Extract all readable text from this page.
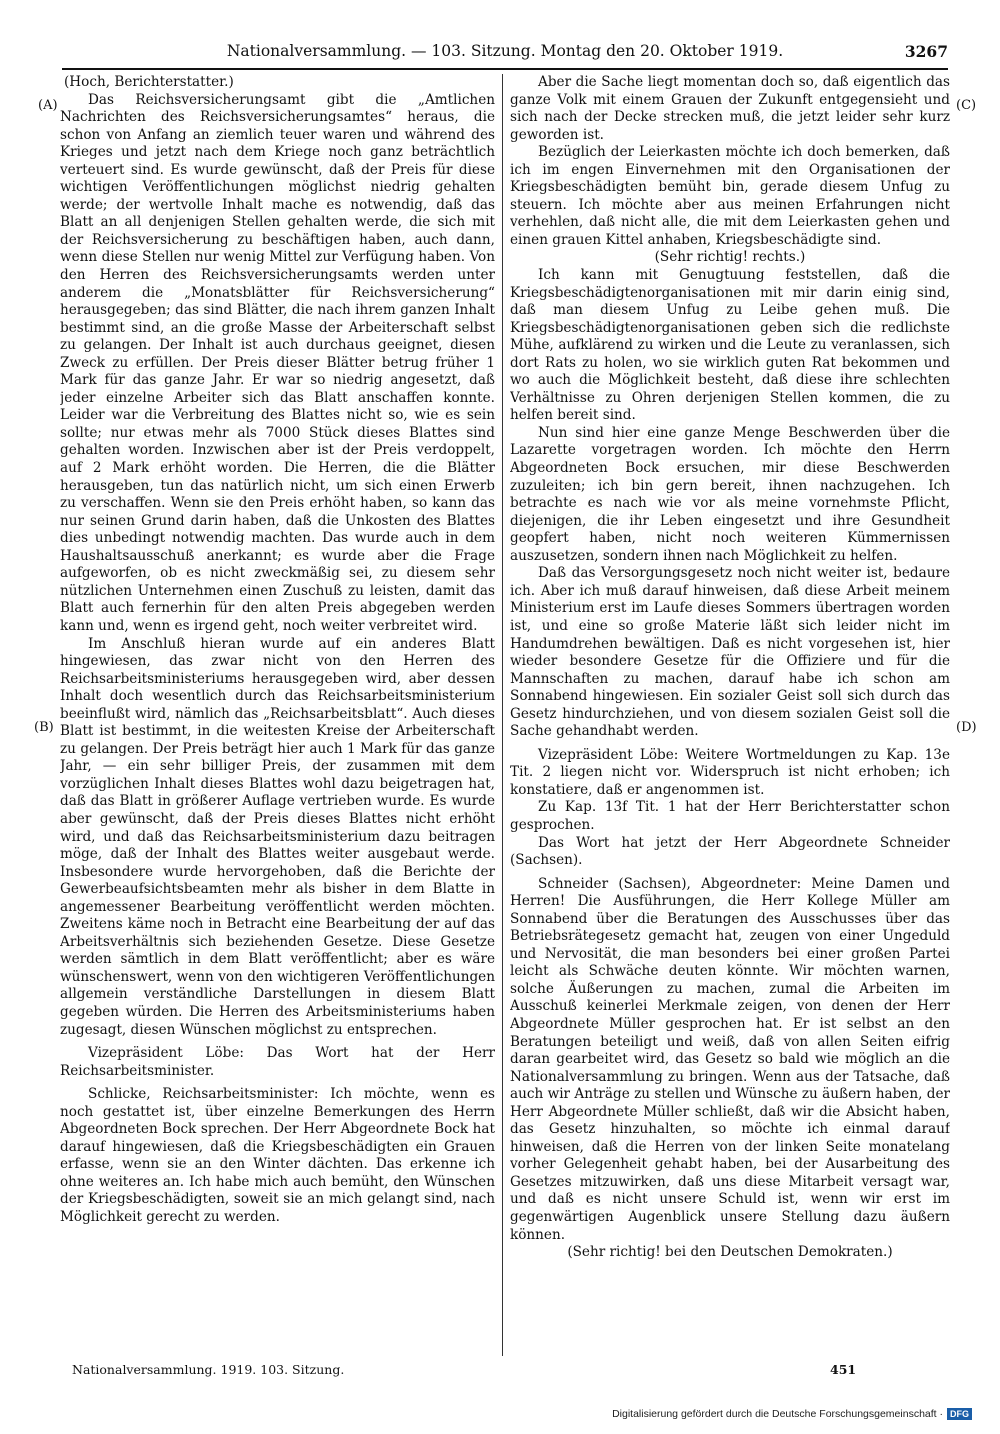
Nationalversammlung. — 103. Sitzung. Montag den 20. Oktober 1919.	3267
(A)
(B)
(C)
(D)

(Hoch, Berichterstatter.)

Das Reichsversicherungsamt gibt die „Amtlichen Nachrichten des Reichsversicherungsamtes“ heraus, die schon von Anfang an ziemlich teuer waren und während des Krieges und jetzt nach dem Kriege noch ganz beträchtlich verteuert sind. Es wurde gewünscht, daß der Preis für diese wichtigen Veröffentlichungen möglichst niedrig gehalten werde; der wertvolle Inhalt mache es notwendig, daß das Blatt an all denjenigen Stellen gehalten werde, die sich mit der Reichsversicherung zu beschäftigen haben, auch dann, wenn diese Stellen nur wenig Mittel zur Verfügung haben. Von den Herren des Reichsversicherungsamts werden unter anderem die „Monatsblätter für Reichsversicherung“ herausgegeben; das sind Blätter, die nach ihrem ganzen Inhalt bestimmt sind, an die große Masse der Arbeiterschaft selbst zu gelangen. Der Inhalt ist auch durchaus geeignet, diesen Zweck zu erfüllen. Der Preis dieser Blätter betrug früher 1 Mark für das ganze Jahr. Er war so niedrig angesetzt, daß jeder einzelne Arbeiter sich das Blatt anschaffen konnte. Leider war die Verbreitung des Blattes nicht so, wie es sein sollte; nur etwas mehr als 7000 Stück dieses Blattes sind gehalten worden. Inzwischen aber ist der Preis verdoppelt, auf 2 Mark erhöht worden. Die Herren, die die Blätter herausgeben, tun das natürlich nicht, um sich einen Erwerb zu verschaffen. Wenn sie den Preis erhöht haben, so kann das nur seinen Grund darin haben, daß die Unkosten des Blattes dies unbedingt notwendig machten. Das wurde auch in dem Haushaltsausschuß anerkannt; es wurde aber die Frage aufgeworfen, ob es nicht zweckmäßig sei, zu diesem sehr nützlichen Unternehmen einen Zuschuß zu leisten, damit das Blatt auch fernerhin für den alten Preis abgegeben werden kann und, wenn es irgend geht, noch weiter verbreitet wird.

Im Anschluß hieran wurde auf ein anderes Blatt hingewiesen, das zwar nicht von den Herren des Reichsarbeitsministeriums herausgegeben wird, aber dessen Inhalt doch wesentlich durch das Reichsarbeitsministerium beeinflußt wird, nämlich das „Reichsarbeitsblatt“. Auch dieses Blatt ist bestimmt, in die weitesten Kreise der Arbeiterschaft zu gelangen. Der Preis beträgt hier auch 1 Mark für das ganze Jahr, — ein sehr billiger Preis, der zusammen mit dem vorzüglichen Inhalt dieses Blattes wohl dazu beigetragen hat, daß das Blatt in größerer Auflage vertrieben wurde. Es wurde aber gewünscht, daß der Preis dieses Blattes nicht erhöht wird, und daß das Reichsarbeitsministerium dazu beitragen möge, daß der Inhalt des Blattes weiter ausgebaut werde. Insbesondere wurde hervorgehoben, daß die Berichte der Gewerbeaufsichtsbeamten mehr als bisher in dem Blatte in angemessener Bearbeitung veröffentlicht werden möchten. Zweitens käme noch in Betracht eine Bearbeitung der auf das Arbeitsverhältnis sich beziehenden Gesetze. Diese Gesetze werden sämtlich in dem Blatt veröffentlicht; aber es wäre wünschenswert, wenn von den wichtigeren Veröffentlichungen allgemein verständliche Darstellungen in diesem Blatt gegeben würden. Die Herren des Arbeitsministeriums haben zugesagt, diesen Wünschen möglichst zu entsprechen.

Vizepräsident Löbe: Das Wort hat der Herr Reichsarbeitsminister.

Schlicke, Reichsarbeitsminister: Ich möchte, wenn es noch gestattet ist, über einzelne Bemerkungen des Herrn Abgeordneten Bock sprechen. Der Herr Abgeordnete Bock hat darauf hingewiesen, daß die Kriegsbeschädigten ein Grauen erfasse, wenn sie an den Winter dächten. Das erkenne ich ohne weiteres an. Ich habe mich auch bemüht, den Wünschen der Kriegsbeschädigten, soweit sie an mich gelangt sind, nach Möglichkeit gerecht zu werden.

Aber die Sache liegt momentan doch so, daß eigentlich das ganze Volk mit einem Grauen der Zukunft entgegensieht und sich nach der Decke strecken muß, die jetzt leider sehr kurz geworden ist.

Bezüglich der Leierkasten möchte ich doch bemerken, daß ich im engen Einvernehmen mit den Organisationen der Kriegsbeschädigten bemüht bin, gerade diesem Unfug zu steuern. Ich möchte aber aus meinen Erfahrungen nicht verhehlen, daß nicht alle, die mit dem Leierkasten gehen und einen grauen Kittel anhaben, Kriegsbeschädigte sind.

(Sehr richtig! rechts.)

Ich kann mit Genugtuung feststellen, daß die Kriegsbeschädigtenorganisationen mit mir darin einig sind, daß man diesem Unfug zu Leibe gehen muß. Die Kriegsbeschädigtenorganisationen geben sich die redlichste Mühe, aufklärend zu wirken und die Leute zu veranlassen, sich dort Rats zu holen, wo sie wirklich guten Rat bekommen und wo auch die Möglichkeit besteht, daß diese ihre schlechten Verhältnisse zu Ohren derjenigen Stellen kommen, die zu helfen bereit sind.

Nun sind hier eine ganze Menge Beschwerden über die Lazarette vorgetragen worden. Ich möchte den Herrn Abgeordneten Bock ersuchen, mir diese Beschwerden zuzuleiten; ich bin gern bereit, ihnen nachzugehen. Ich betrachte es nach wie vor als meine vornehmste Pflicht, diejenigen, die ihr Leben eingesetzt und ihre Gesundheit geopfert haben, nicht noch weiteren Kümmernissen auszusetzen, sondern ihnen nach Möglichkeit zu helfen.

Daß das Versorgungsgesetz noch nicht weiter ist, bedaure ich. Aber ich muß darauf hinweisen, daß diese Arbeit meinem Ministerium erst im Laufe dieses Sommers übertragen worden ist, und eine so große Materie läßt sich leider nicht im Handumdrehen bewältigen. Daß es nicht vorgesehen ist, hier wieder besondere Gesetze für die Offiziere und für die Mannschaften zu machen, darauf habe ich schon am Sonnabend hingewiesen. Ein sozialer Geist soll sich durch das Gesetz hindurchziehen, und von diesem sozialen Geist soll die Sache gehandhabt werden.

Vizepräsident Löbe: Weitere Wortmeldungen zu Kap. 13e Tit. 2 liegen nicht vor. Widerspruch ist nicht erhoben; ich konstatiere, daß er angenommen ist.

Zu Kap. 13f Tit. 1 hat der Herr Berichterstatter schon gesprochen.

Das Wort hat jetzt der Herr Abgeordnete Schneider (Sachsen).

Schneider (Sachsen), Abgeordneter: Meine Damen und Herren! Die Ausführungen, die Herr Kollege Müller am Sonnabend über die Beratungen des Ausschusses über das Betriebsrätegesetz gemacht hat, zeugen von einer Ungeduld und Nervosität, die man besonders bei einer großen Partei leicht als Schwäche deuten könnte. Wir möchten warnen, solche Äußerungen zu machen, zumal die Arbeiten im Ausschuß keinerlei Merkmale zeigen, von denen der Herr Abgeordnete Müller gesprochen hat. Er ist selbst an den Beratungen beteiligt und weiß, daß von allen Seiten eifrig daran gearbeitet wird, das Gesetz so bald wie möglich an die Nationalversammlung zu bringen. Wenn aus der Tatsache, daß auch wir Anträge zu stellen und Wünsche zu äußern haben, der Herr Abgeordnete Müller schließt, daß wir die Absicht haben, das Gesetz hinzuhalten, so möchte ich einmal darauf hinweisen, daß die Herren von der linken Seite monatelang vorher Gelegenheit gehabt haben, bei der Ausarbeitung des Gesetzes mitzuwirken, daß uns diese Mitarbeit versagt war, und daß es nicht unsere Schuld ist, wenn wir erst im gegenwärtigen Augenblick unsere Stellung dazu äußern können.

(Sehr richtig! bei den Deutschen Demokraten.)

Nationalversammlung. 1919. 103. Sitzung.	451
Digitalisierung gefördert durch die Deutsche Forschungsgemeinschaft · DFG
